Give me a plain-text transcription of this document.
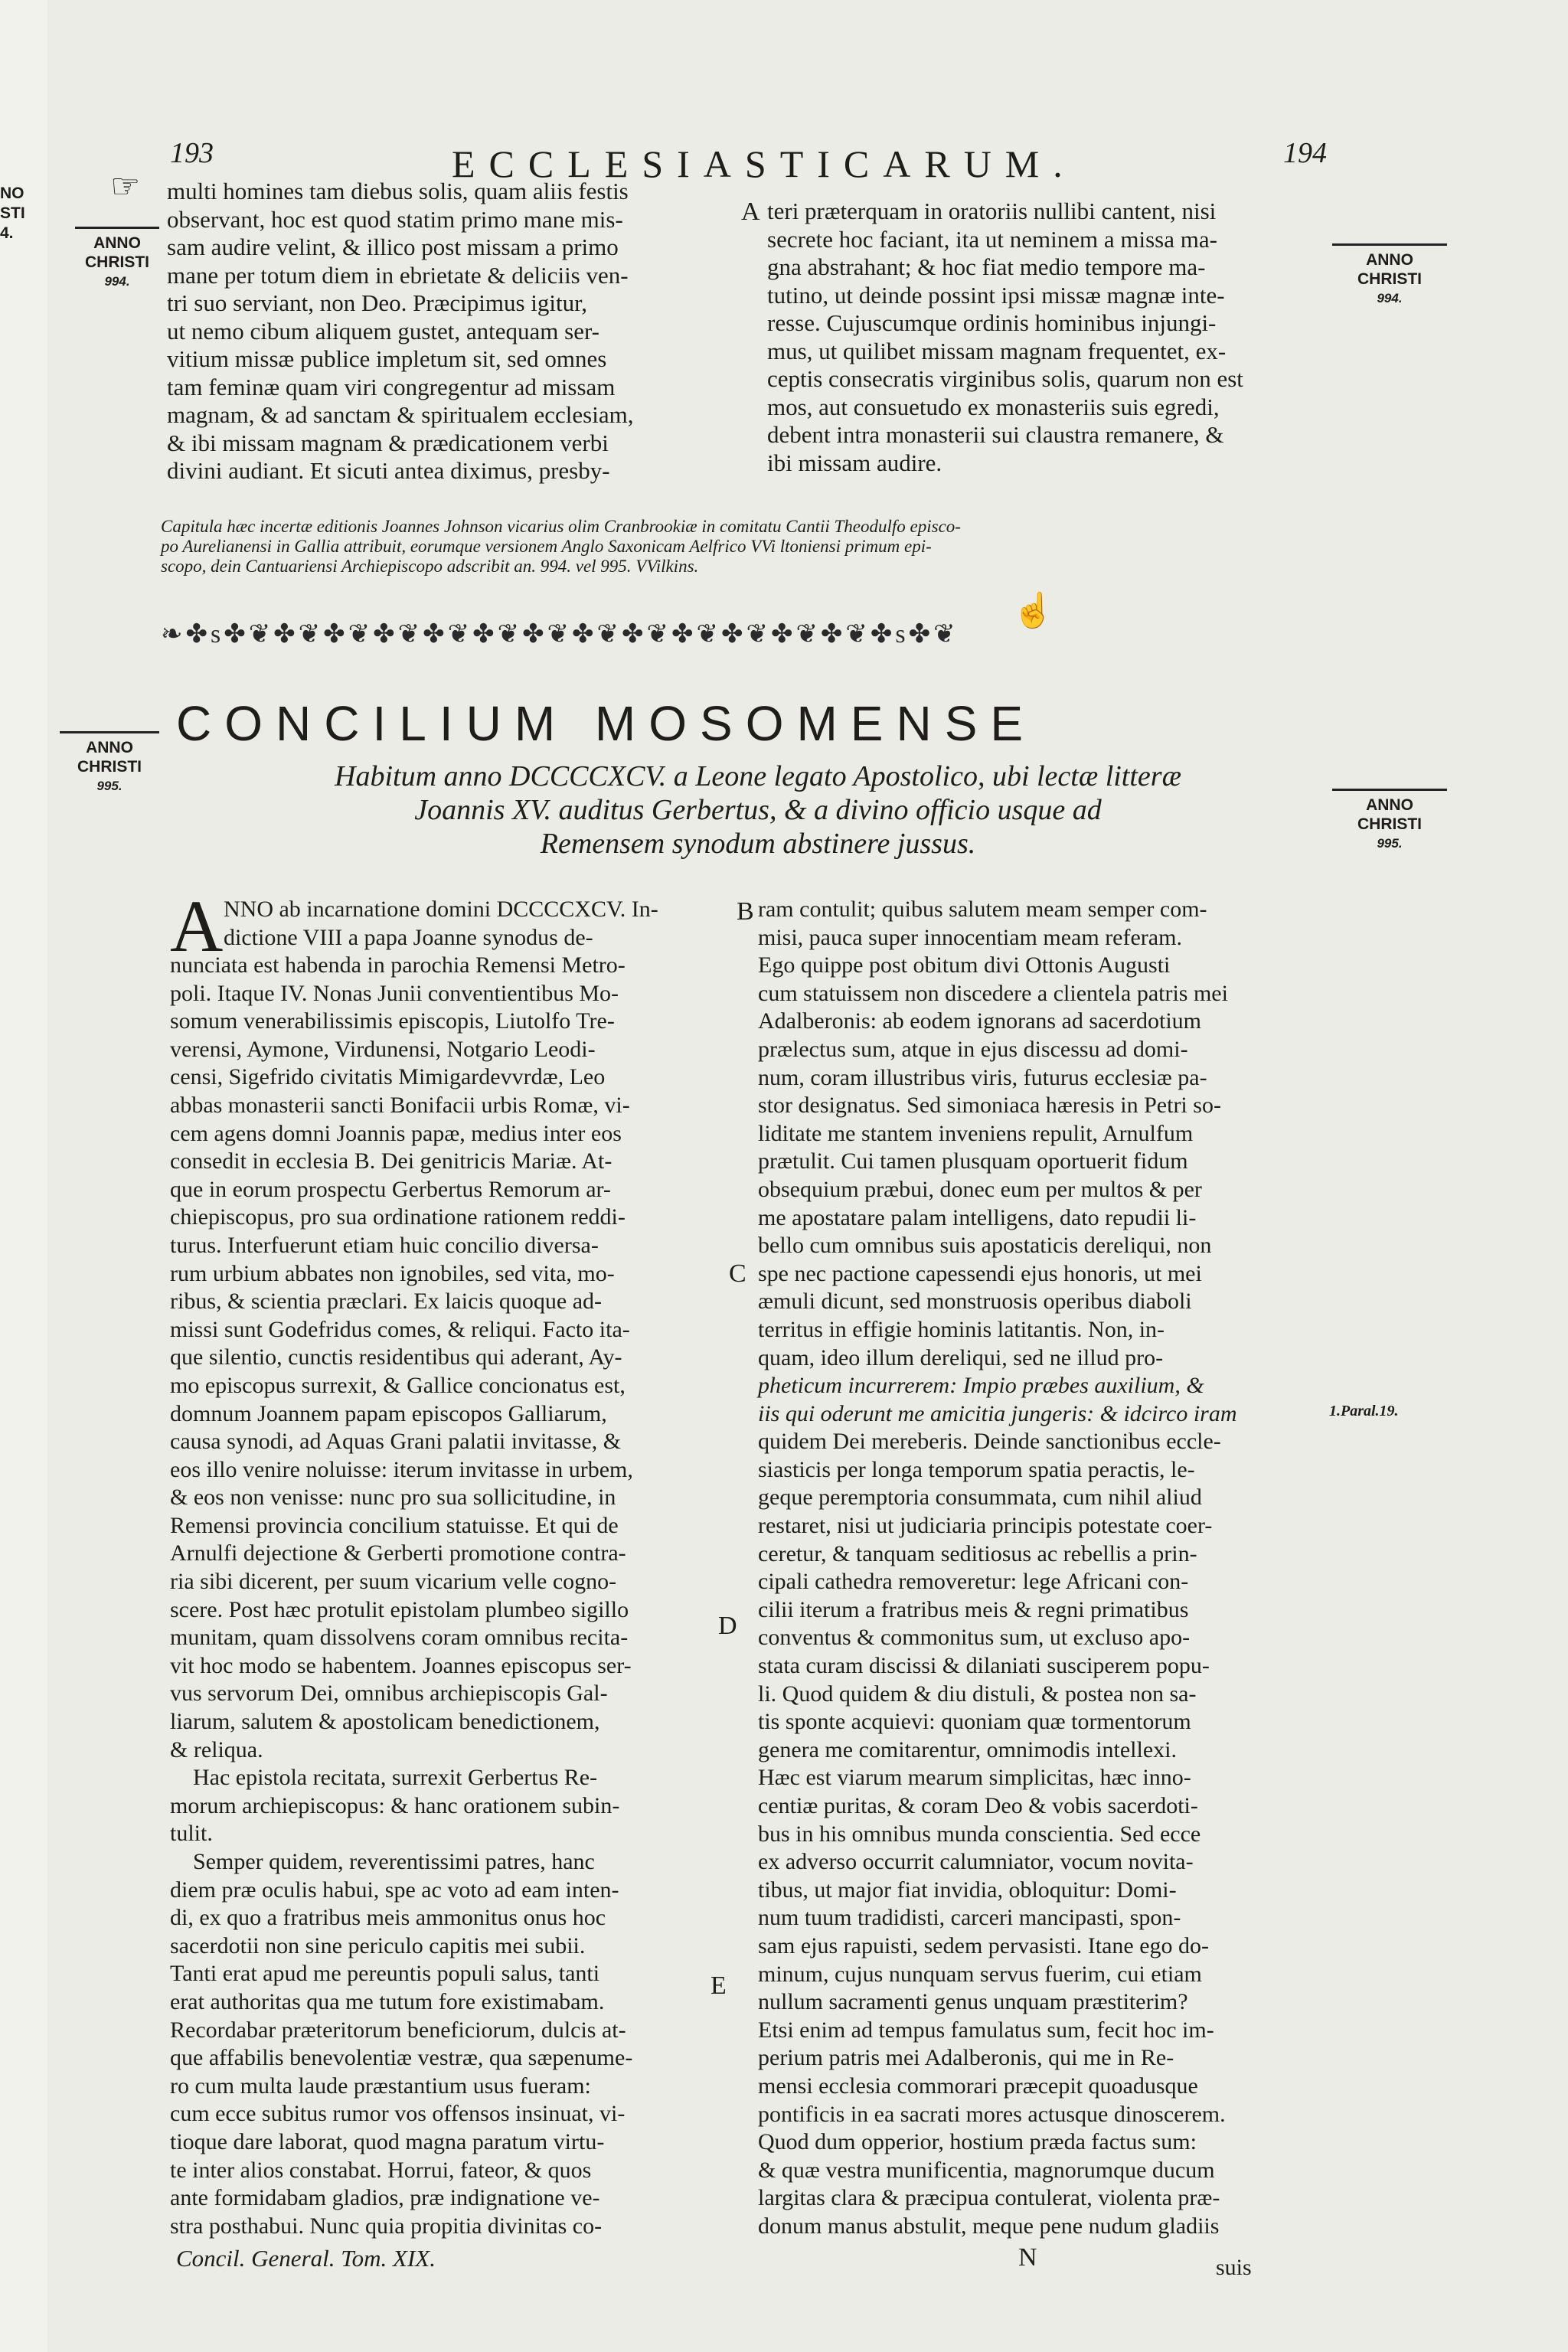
NO
STI
4.
193	ECCLESIASTICARUM.	194
☞
ANNO CHRISTI
994.
ANNO CHRISTI
994.
ANNO CHRISTI
995.
ANNO CHRISTI
995.
multi homines tam diebus solis, quam aliis festis
observant, hoc est quod statim primo mane mis-
sam audire velint, & illico post missam a primo
mane per totum diem in ebrietate & deliciis ven-
tri suo serviant, non Deo. Præcipimus igitur,
ut nemo cibum aliquem gustet, antequam ser-
vitium missæ publice impletum sit, sed omnes
tam feminæ quam viri congregentur ad missam
magnam, & ad sanctam & spiritualem ecclesiam,
& ibi missam magnam & prædicationem verbi
divini audiant. Et sicuti antea diximus, presby-
A teri præterquam in oratoriis nullibi cantent, nisi
secrete hoc faciant, ita ut neminem a missa ma-
gna abstrahant; & hoc fiat medio tempore ma-
tutino, ut deinde possint ipsi missæ magnæ inte-
resse. Cujuscumque ordinis hominibus injungi-
mus, ut quilibet missam magnam frequentet, ex-
ceptis consecratis virginibus solis, quarum non est
mos, aut consuetudo ex monasteriis suis egredi,
debent intra monasterii sui claustra remanere, &
ibi missam audire.
Capitula hæc incertæ editionis Joannes Johnson vicarius olim Cranbrookiæ in comitatu Cantii Theodulfo episco-
po Aurelianensi in Gallia attribuit, eorumque versionem Anglo Saxonicam Aelfrico VVi ltoniensi primum epi-
scopo, dein Cantuariensi Archiepiscopo adscribit an. 994. vel 995. VVilkins.
☝
❧✤s✤❦✤❦✤❦✤❦✤❦✤❦✤❦✤❦✤❦✤❦✤❦✤❦✤❦✤s✤❦
CONCILIUM MOSOMENSE
Habitum anno DCCCCXCV. a Leone legato Apostolico, ubi lectæ litteræ
Joannis XV. auditus Gerbertus, & a divino officio usque ad
Remensem synodum abstinere jussus.
A NNO ab incarnatione domini DCCCCXCV. In-
dictione VIII a papa Joanne synodus de-
nunciata est habenda in parochia Remensi Metro-
poli. Itaque IV. Nonas Junii conventientibus Mo-
somum venerabilissimis episcopis, Liutolfo Tre-
verensi, Aymone, Virdunensi, Notgario Leodi-
censi, Sigefrido civitatis Mimigardevvrdæ, Leo
abbas monasterii sancti Bonifacii urbis Romæ, vi-
cem agens domni Joannis papæ, medius inter eos
consedit in ecclesia B. Dei genitricis Mariæ. At-
que in eorum prospectu Gerbertus Remorum ar-
chiepiscopus, pro sua ordinatione rationem reddi-
turus. Interfuerunt etiam huic concilio diversa-
rum urbium abbates non ignobiles, sed vita, mo-
ribus, & scientia præclari. Ex laicis quoque ad-
missi sunt Godefridus comes, & reliqui. Facto ita-
que silentio, cunctis residentibus qui aderant, Ay-
mo episcopus surrexit, & Gallice concionatus est,
domnum Joannem papam episcopos Galliarum,
causa synodi, ad Aquas Grani palatii invitasse, &
eos illo venire noluisse: iterum invitasse in urbem,
& eos non venisse: nunc pro sua sollicitudine, in
Remensi provincia concilium statuisse. Et qui de
Arnulfi dejectione & Gerberti promotione contra-
ria sibi dicerent, per suum vicarium velle cogno-
scere. Post hæc protulit epistolam plumbeo sigillo
munitam, quam dissolvens coram omnibus recita-
vit hoc modo se habentem. Joannes episcopus ser-
vus servorum Dei, omnibus archiepiscopis Gal-
liarum, salutem & apostolicam benedictionem,
& reliqua.
Hac epistola recitata, surrexit Gerbertus Re-
morum archiepiscopus: & hanc orationem subin-
tulit.
Semper quidem, reverentissimi patres, hanc
diem præ oculis habui, spe ac voto ad eam inten-
di, ex quo a fratribus meis ammonitus onus hoc
sacerdotii non sine periculo capitis mei subii.
Tanti erat apud me pereuntis populi salus, tanti
erat authoritas qua me tutum fore existimabam.
Recordabar præteritorum beneficiorum, dulcis at-
que affabilis benevolentiæ vestræ, qua sæpenume-
ro cum multa laude præstantium usus fueram:
cum ecce subitus rumor vos offensos insinuat, vi-
tioque dare laborat, quod magna paratum virtu-
te inter alios constabat. Horrui, fateor, & quos
ante formidabam gladios, præ indignatione ve-
stra posthabui. Nunc quia propitia divinitas co-
B
C
D
E
ram contulit; quibus salutem meam semper com-
misi, pauca super innocentiam meam referam.
Ego quippe post obitum divi Ottonis Augusti
cum statuissem non discedere a clientela patris mei
Adalberonis: ab eodem ignorans ad sacerdotium
prælectus sum, atque in ejus discessu ad domi-
num, coram illustribus viris, futurus ecclesiæ pa-
stor designatus. Sed simoniaca hæresis in Petri so-
liditate me stantem inveniens repulit, Arnulfum
prætulit. Cui tamen plusquam oportuerit fidum
obsequium præbui, donec eum per multos & per
me apostatare palam intelligens, dato repudii li-
bello cum omnibus suis apostaticis dereliqui, non
spe nec pactione capessendi ejus honoris, ut mei
æmuli dicunt, sed monstruosis operibus diaboli
territus in effigie hominis latitantis. Non, in-
quam, ideo illum dereliqui, sed ne illud pro-
pheticum incurrerem: Impio præbes auxilium, &
iis qui oderunt me amicitia jungeris: & idcirco iram
quidem Dei mereberis. Deinde sanctionibus eccle-
siasticis per longa temporum spatia peractis, le-
geque peremptoria consummata, cum nihil aliud
restaret, nisi ut judiciaria principis potestate coer-
ceretur, & tanquam seditiosus ac rebellis a prin-
cipali cathedra removeretur: lege Africani con-
cilii iterum a fratribus meis & regni primatibus
conventus & commonitus sum, ut excluso apo-
stata curam discissi & dilaniati susciperem popu-
li. Quod quidem & diu distuli, & postea non sa-
tis sponte acquievi: quoniam quæ tormentorum
genera me comitarentur, omnimodis intellexi.
Hæc est viarum mearum simplicitas, hæc inno-
centiæ puritas, & coram Deo & vobis sacerdoti-
bus in his omnibus munda conscientia. Sed ecce
ex adverso occurrit calumniator, vocum novita-
tibus, ut major fiat invidia, obloquitur: Domi-
num tuum tradidisti, carceri mancipasti, spon-
sam ejus rapuisti, sedem pervasisti. Itane ego do-
minum, cujus nunquam servus fuerim, cui etiam
nullum sacramenti genus unquam præstiterim?
Etsi enim ad tempus famulatus sum, fecit hoc im-
perium patris mei Adalberonis, qui me in Re-
mensi ecclesia commorari præcepit quoadusque
pontificis in ea sacrati mores actusque dinoscerem.
Quod dum opperior, hostium præda factus sum:
& quæ vestra munificentia, magnorumque ducum
largitas clara & præcipua contulerat, violenta præ-
donum manus abstulit, meque pene nudum gladiis
1.Paral.19.
Concil. General. Tom. XIX.	N	suis
